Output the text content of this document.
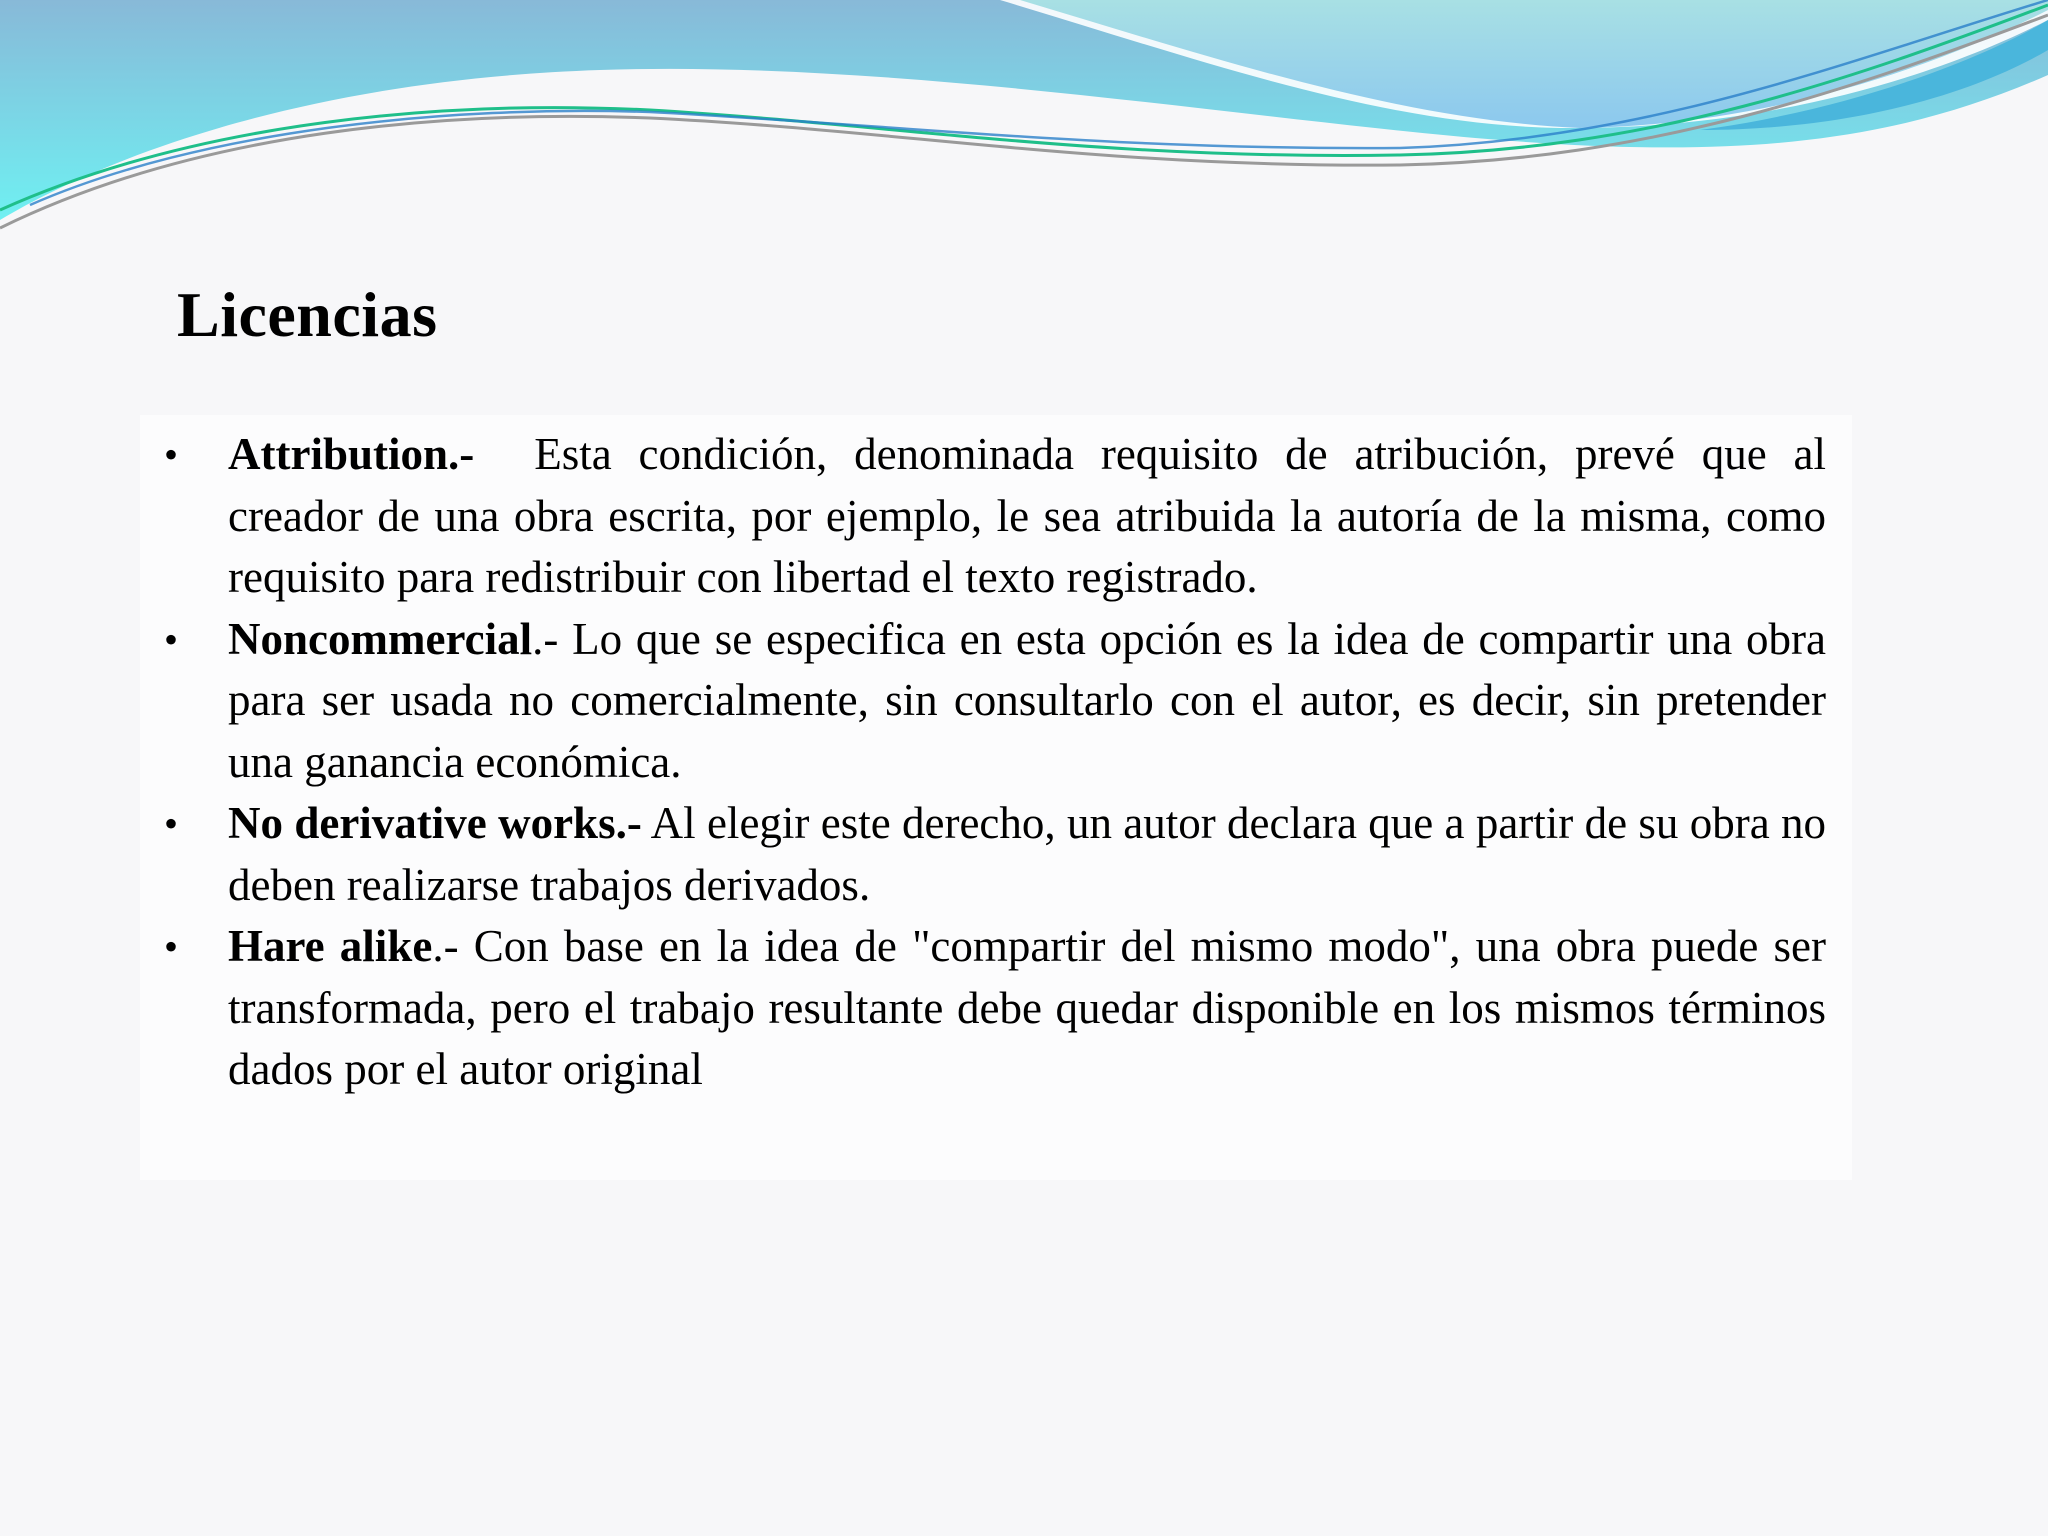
Licencias
• Attribution.- Esta condición, denominada requisito de atribución, prevé que al creador de una obra escrita, por ejemplo, le sea atribuida la autoría de la misma, como requisito para redistribuir con libertad el texto registrado.
• Noncommercial.- Lo que se especifica en esta opción es la idea de compartir una obra para ser usada no comercialmente, sin consultarlo con el autor, es decir, sin pretender una ganancia económica.
• No derivative works.- Al elegir este derecho, un autor declara que a partir de su obra no deben realizarse trabajos derivados.
• Hare alike.- Con base en la idea de "compartir del mismo modo", una obra puede ser transformada, pero el trabajo resultante debe quedar disponible en los mismos términos dados por el autor original
